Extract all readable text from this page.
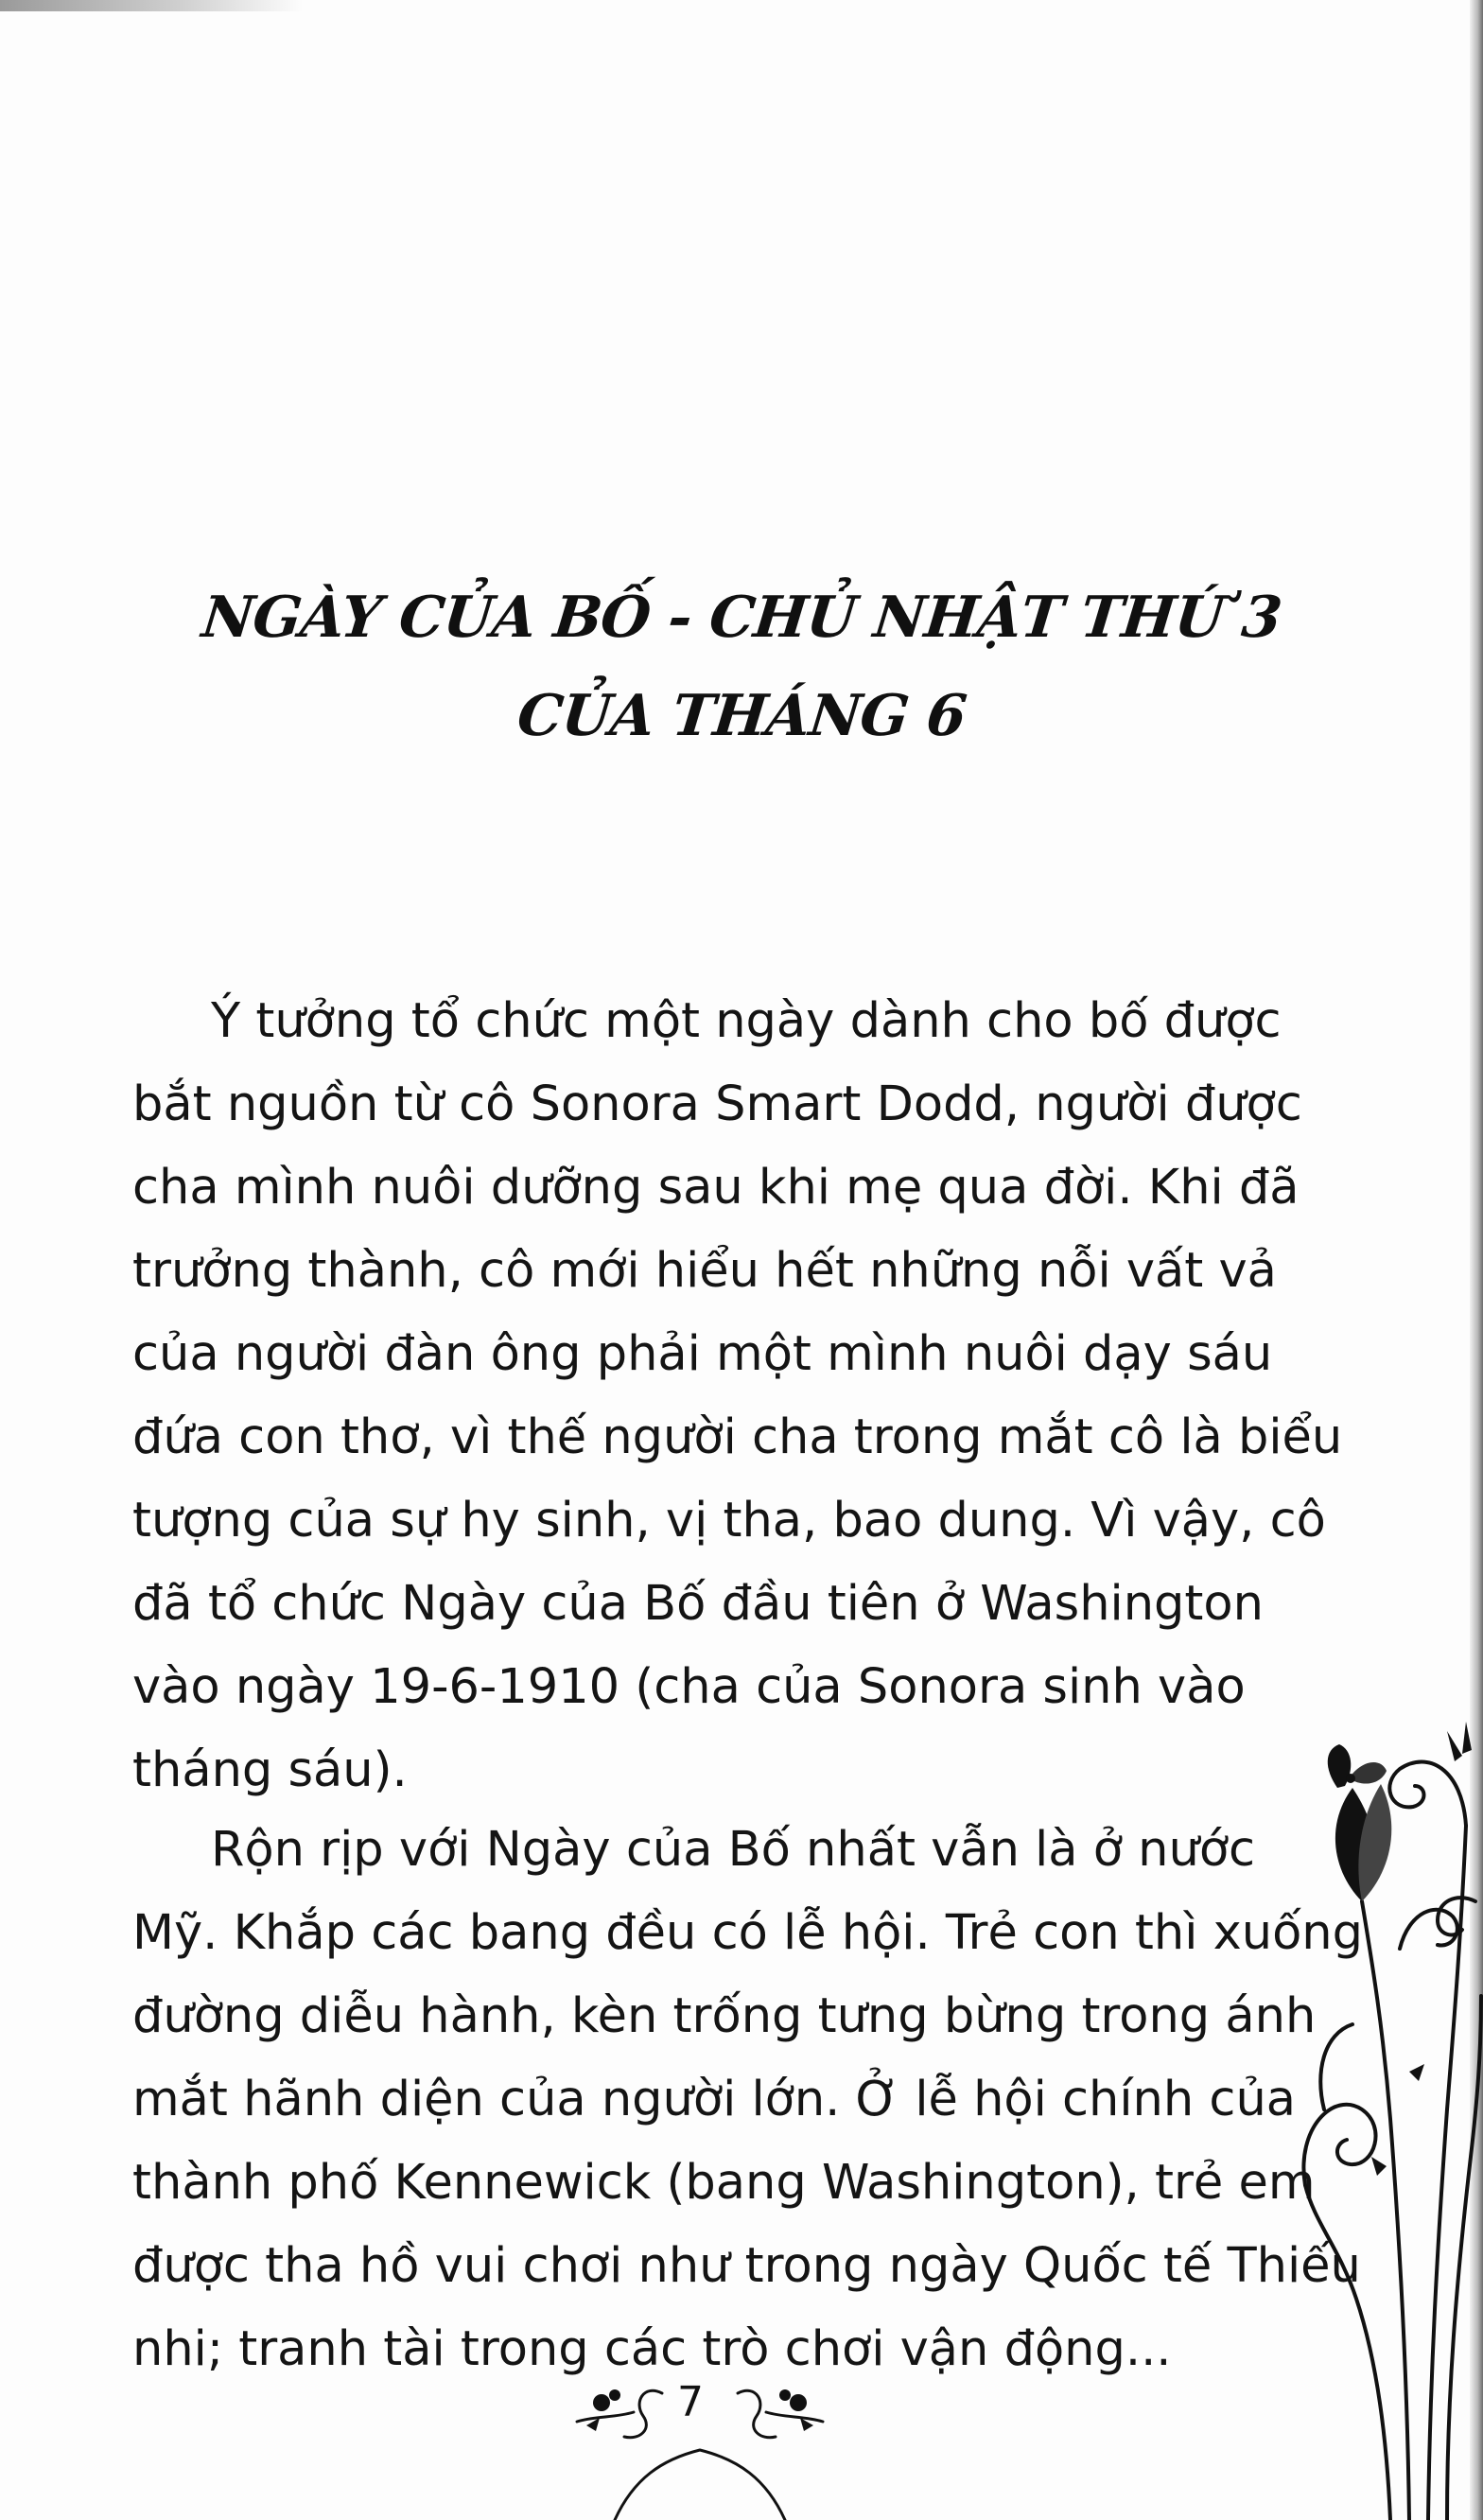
NGÀY CỦA BỐ - CHỦ NHẬT THỨ 3
CỦA THÁNG 6
Ý tưởng tổ chức một ngày dành cho bố được
bắt nguồn từ cô Sonora Smart Dodd, người được
cha mình nuôi dưỡng sau khi mẹ qua đời. Khi đã
trưởng thành, cô mới hiểu hết những nỗi vất vả
của người đàn ông phải một mình nuôi dạy sáu
đứa con thơ, vì thế người cha trong mắt cô là biểu
tượng của sự hy sinh, vị tha, bao dung. Vì vậy, cô
đã tổ chức Ngày của Bố đầu tiên ở Washington
vào ngày 19-6-1910 (cha của Sonora sinh vào
tháng sáu).
Rộn rịp với Ngày của Bố nhất vẫn là ở nước
Mỹ. Khắp các bang đều có lễ hội. Trẻ con thì xuống
đường diễu hành, kèn trống tưng bừng trong ánh
mắt hãnh diện của người lớn. Ở lễ hội chính của
thành phố Kennewick (bang Washington), trẻ em
được tha hồ vui chơi như trong ngày Quốc tế Thiếu
nhi; tranh tài trong các trò chơi vận động...
7
